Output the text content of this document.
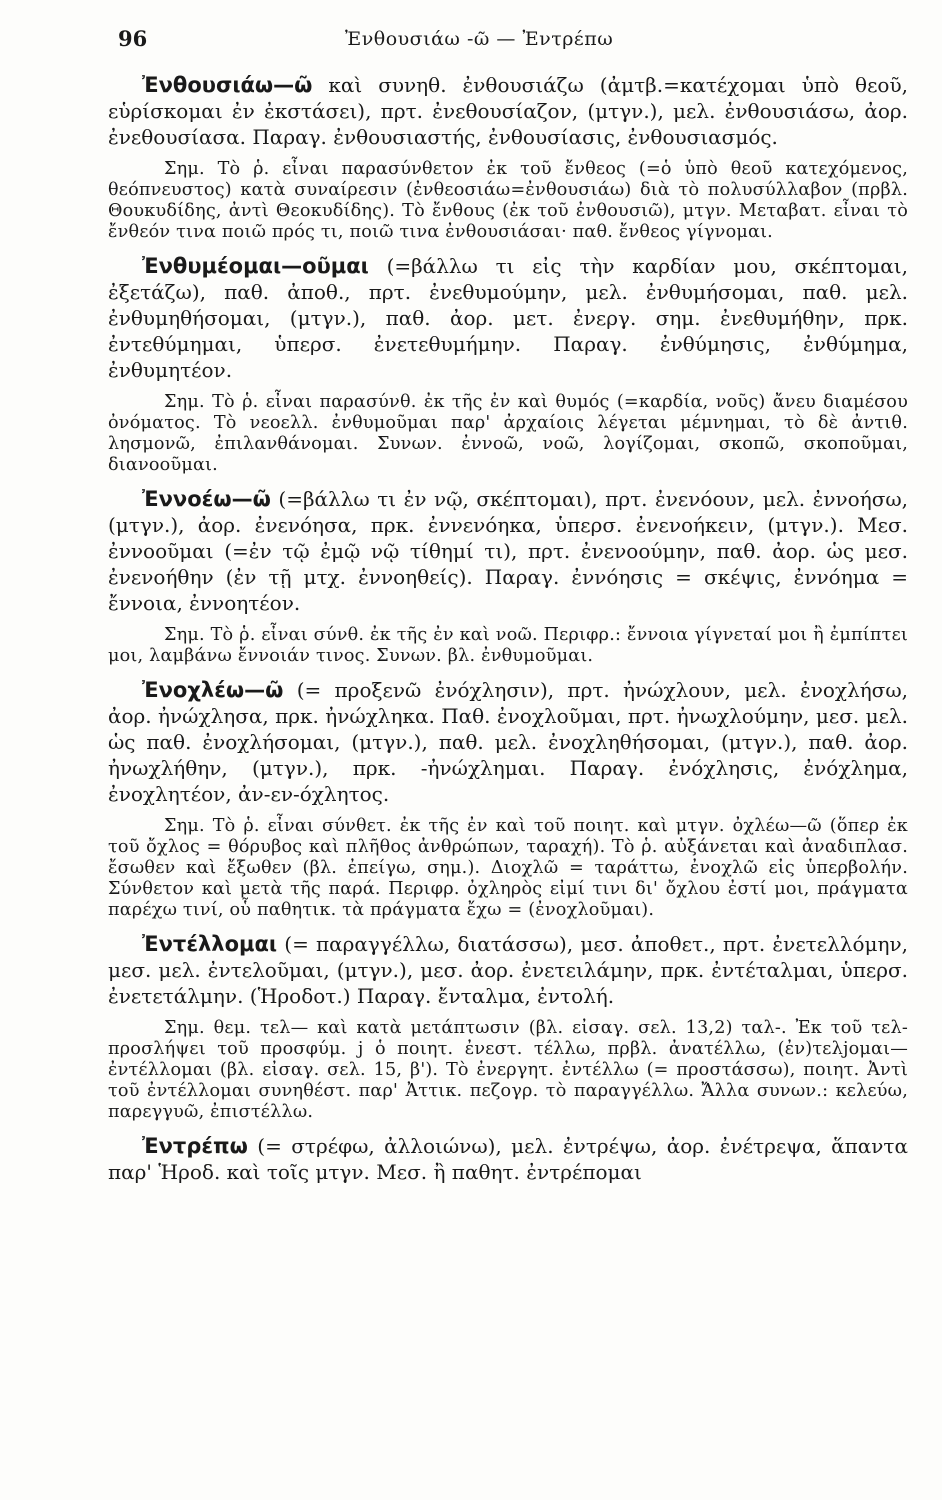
96	Ἐνθουσιάω -ῶ — Ἐντρέπω

Ἐνθουσιάω—ῶ καὶ συνηθ. ἐνθουσιάζω (ἀμτβ.=κατέχομαι ὑπὸ θεοῦ, εὑρίσκομαι ἐν ἐκστάσει), πρτ. ἐνεθουσίαζον, (μτγν.), μελ. ἐνθουσιάσω, ἀορ. ἐνεθουσίασα. Παραγ. ἐνθουσιαστής, ἐνθουσίασις, ἐνθουσιασμός.

Σημ. Τὸ ῥ. εἶναι παρασύνθετον ἐκ τοῦ ἔνθεος (=ὁ ὑπὸ θεοῦ κατεχόμενος, θεόπνευστος) κατὰ συναίρεσιν (ἐνθεοσιάω=ἐνθουσιάω) διὰ τὸ πολυσύλλαβον (πρβλ. Θουκυδίδης, ἀντὶ Θεοκυδίδης). Τὸ ἔνθους (ἐκ τοῦ ἐνθουσιῶ), μτγν. Μεταβατ. εἶναι τὸ ἔνθεόν τινα ποιῶ πρός τι, ποιῶ τινα ἐνθουσιάσαι· παθ. ἔνθεος γίγνομαι.

Ἐνθυμέομαι—οῦμαι (=βάλλω τι εἰς τὴν καρδίαν μου, σκέπτομαι, ἐξετάζω), παθ. ἀποθ., πρτ. ἐνεθυμούμην, μελ. ἐνθυμήσομαι, παθ. μελ. ἐνθυμηθήσομαι, (μτγν.), παθ. ἀορ. μετ. ἐνεργ. σημ. ἐνεθυμήθην, πρκ. ἐντεθύμημαι, ὑπερσ. ἐνετεθυμήμην. Παραγ. ἐνθύμησις, ἐνθύμημα, ἐνθυμητέον.

Σημ. Τὸ ῥ. εἶναι παρασύνθ. ἐκ τῆς ἐν καὶ θυμός (=καρδία, νοῦς) ἄνευ διαμέσου ὀνόματος. Τὸ νεοελλ. ἐνθυμοῦμαι παρ' ἀρχαίοις λέγεται μέμνημαι, τὸ δὲ ἀντιθ. λησμονῶ, ἐπιλανθάνομαι. Συνων. ἐννοῶ, νοῶ, λογίζομαι, σκοπῶ, σκοποῦμαι, διανοοῦμαι.

Ἐννοέω—ῶ (=βάλλω τι ἐν νῷ, σκέπτομαι), πρτ. ἐνενόουν, μελ. ἐννοήσω, (μτγν.), ἀορ. ἐνενόησα, πρκ. ἐννενόηκα, ὑπερσ. ἐνενοήκειν, (μτγν.). Μεσ. ἐννοοῦμαι (=ἐν τῷ ἐμῷ νῷ τίθημί τι), πρτ. ἐνενοούμην, παθ. ἀορ. ὡς μεσ. ἐνενοήθην (ἐν τῇ μτχ. ἐννοηθείς). Παραγ. ἐννόησις = σκέψις, ἐννόημα = ἔννοια, ἐννοητέον.

Σημ. Τὸ ῥ. εἶναι σύνθ. ἐκ τῆς ἐν καὶ νοῶ. Περιφρ.: ἔννοια γίγνεταί μοι ἢ ἐμπίπτει μοι, λαμβάνω ἔννοιάν τινος. Συνων. βλ. ἐνθυμοῦμαι.

Ἐνοχλέω—ῶ (= προξενῶ ἐνόχλησιν), πρτ. ἠνώχλουν, μελ. ἐνοχλήσω, ἀορ. ἠνώχλησα, πρκ. ἠνώχληκα. Παθ. ἐνοχλοῦμαι, πρτ. ἠνωχλούμην, μεσ. μελ. ὡς παθ. ἐνοχλήσομαι, (μτγν.), παθ. μελ. ἐνοχληθήσομαι, (μτγν.), παθ. ἀορ. ἠνωχλήθην, (μτγν.), πρκ. -ἠνώχλημαι. Παραγ. ἐνόχλησις, ἐνόχλημα, ἐνοχλητέον, ἀν-εν-όχλητος.

Σημ. Τὸ ῥ. εἶναι σύνθετ. ἐκ τῆς ἐν καὶ τοῦ ποιητ. καὶ μτγν. ὀχλέω—ῶ (ὅπερ ἐκ τοῦ ὄχλος = θόρυβος καὶ πλῆθος ἀνθρώπων, ταραχή). Τὸ ῥ. αὐξάνεται καὶ ἀναδιπλασ. ἔσωθεν καὶ ἔξωθεν (βλ. ἐπείγω, σημ.). Διοχλῶ = ταράττω, ἐνοχλῶ εἰς ὑπερβολήν. Σύνθετον καὶ μετὰ τῆς παρά. Περιφρ. ὀχληρὸς εἰμί τινι δι' ὄχλου ἐστί μοι, πράγματα παρέχω τινί, οὗ παθητικ. τὰ πράγματα ἔχω = (ἐνοχλοῦμαι).

Ἐντέλλομαι (= παραγγέλλω, διατάσσω), μεσ. ἀποθετ., πρτ. ἐνετελλόμην, μεσ. μελ. ἐντελοῦμαι, (μτγν.), μεσ. ἀορ. ἐνετειλάμην, πρκ. ἐντέταλμαι, ὑπερσ. ἐνετετάλμην. (Ἡροδοτ.) Παραγ. ἔνταλμα, ἐντολή.

Σημ. θεμ. τελ— καὶ κατὰ μετάπτωσιν (βλ. εἰσαγ. σελ. 13,2) ταλ-. Ἐκ τοῦ τελ- προσλήψει τοῦ προσφύμ. j ὁ ποιητ. ἐνεστ. τέλλω, πρβλ. ἀνατέλλω, (ἐν)τελjομαι—ἐντέλλομαι (βλ. εἰσαγ. σελ. 15, β'). Τὸ ἐνεργητ. ἐντέλλω (= προστάσσω), ποιητ. Ἀντὶ τοῦ ἐντέλλομαι συνηθέστ. παρ' Ἀττικ. πεζογρ. τὸ παραγγέλλω. Ἄλλα συνων.: κελεύω, παρεγγυῶ, ἐπιστέλλω.

Ἐντρέπω (= στρέφω, ἀλλοιώνω), μελ. ἐντρέψω, ἀορ. ἐνέτρεψα, ἅπαντα παρ' Ἡροδ. καὶ τοῖς μτγν. Μεσ. ἢ παθητ. ἐντρέπομαι
